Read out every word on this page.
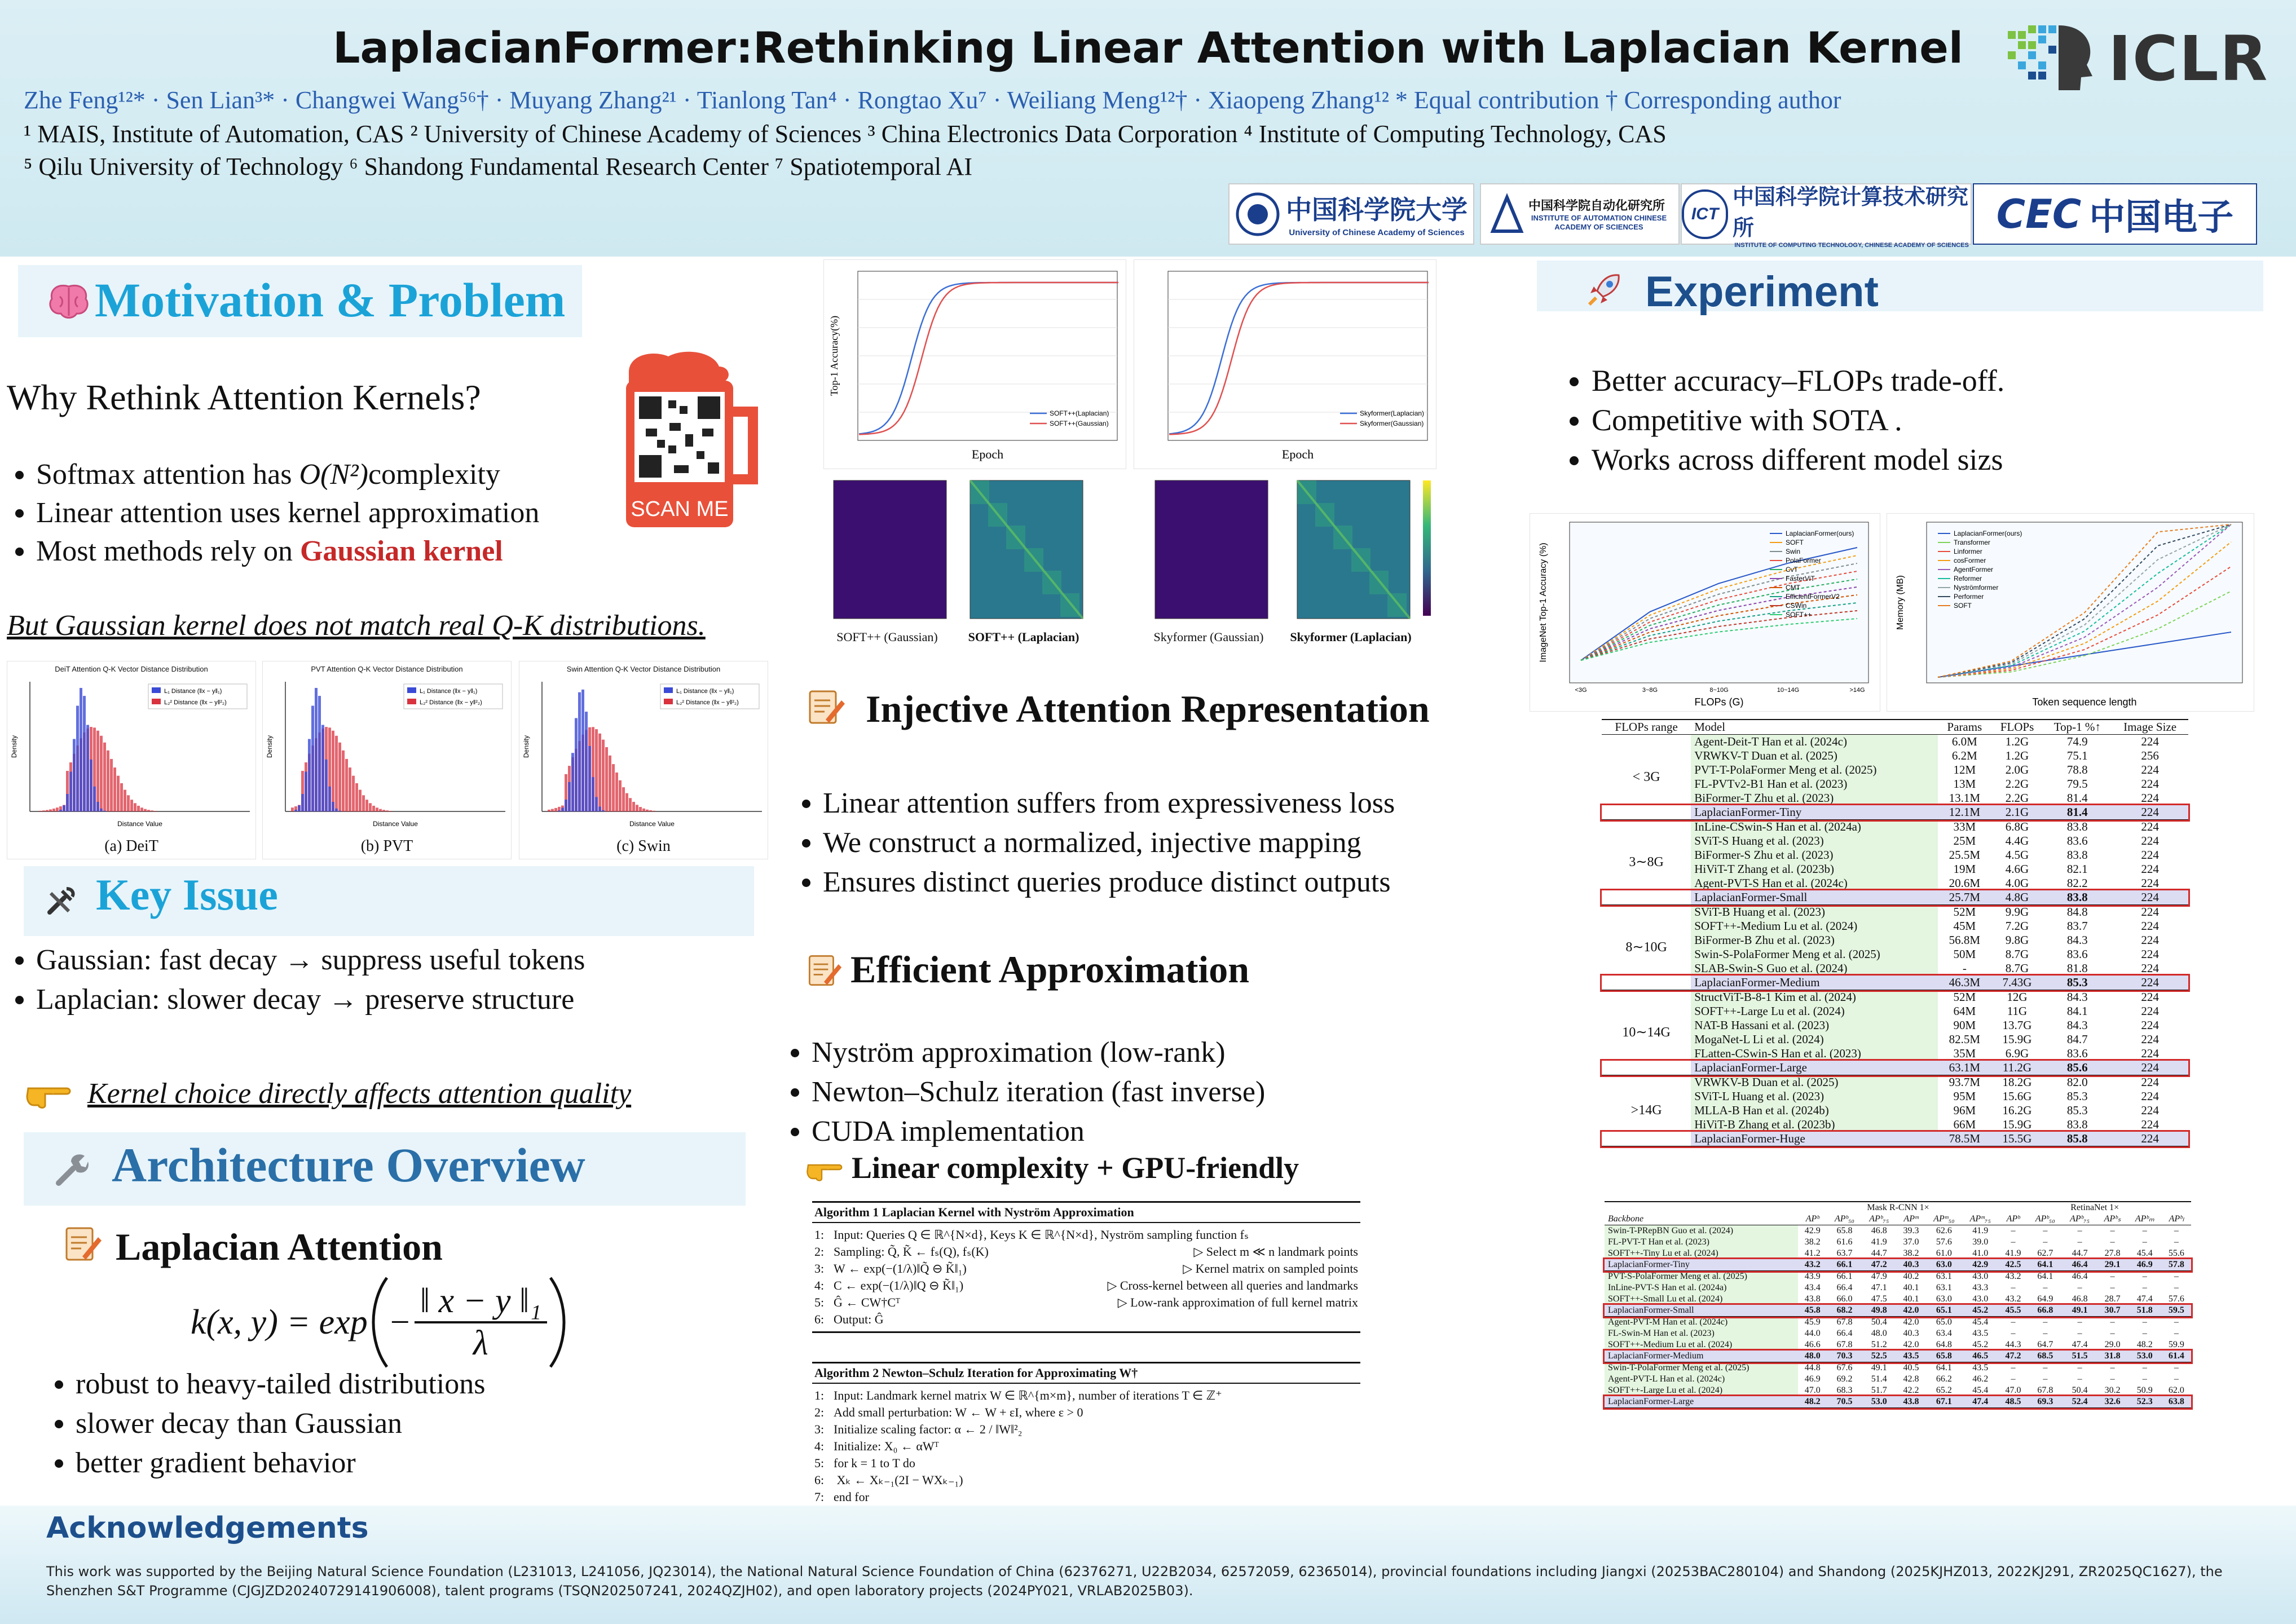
LaplacianFormer:Rethinking Linear Attention with Laplacian Kernel
Zhe Feng¹²* · Sen Lian³* · Changwei Wang⁵⁶† · Muyang Zhang²¹ · Tianlong Tan⁴ · Rongtao Xu⁷ · Weiliang Meng¹²† · Xiaopeng Zhang¹² * Equal contribution † Corresponding author
¹ MAIS, Institute of Automation, CAS ² University of Chinese Academy of Sciences ³ China Electronics Data Corporation ⁴ Institute of Computing Technology, CAS
⁵ Qilu University of Technology ⁶ Shandong Fundamental Research Center ⁷ Spatiotemporal AI
ICLR
中国科学院大学
University of Chinese Academy of Sciences
中国科学院自动化研究所
INSTITUTE OF AUTOMATION CHINESE ACADEMY OF SCIENCES
ICT
中国科学院计算技术研究所
INSTITUTE OF COMPUTING TECHNOLOGY, CHINESE ACADEMY OF SCIENCES
CEC 中国电子
Motivation & Problem
Why Rethink Attention Kernels?
• Softmax attention has O(N²)complexity
• Linear attention uses kernel approximation
• Most methods rely on Gaussian kernel
SCAN ME
But Gaussian kernel does not match real Q-K distributions.
DeiT Attention Q-K Vector Distance Distribution
L₁ Distance (‖x − y‖₁)
L₂² Distance (‖x − y‖²₂)
Distance Value
Density
(a) DeiT
PVT Attention Q-K Vector Distance Distribution
L₁ Distance (‖x − y‖₁)
L₂² Distance (‖x − y‖²₂)
Distance Value
Density
(b) PVT
Swin Attention Q-K Vector Distance Distribution
L₁ Distance (‖x − y‖₁)
L₂² Distance (‖x − y‖²₂)
Distance Value
Density
(c) Swin
Key Issue
• Gaussian: fast decay → suppress useful tokens
• Laplacian: slower decay → preserve structure
Kernel choice directly affects attention quality
Architecture Overview
Laplacian Attention
k(x, $y) = \exp - \frac{\text{‖ x − y ‖₁}}{\lambda}$
• robust to heavy-tailed distributions
• slower decay than Gaussian
• better gradient behavior
SOFT++(Laplacian)
SOFT++(Gaussian)
Epoch
Top-1 Accuracy(%)
Skyformer(Laplacian)
Skyformer(Gaussian)
Epoch
SOFT++ (Gaussian)	SOFT++ (Laplacian)	Skyformer (Gaussian)	Skyformer (Laplacian)
Injective Attention Representation
• Linear attention suffers from expressiveness loss
• We construct a normalized, injective mapping
• Ensures distinct queries produce distinct outputs
Efficient Approximation
• Nyström approximation (low-rank)
• Newton–Schulz iteration (fast inverse)
• CUDA implementation
Linear complexity + GPU-friendly
Algorithm 1 Laplacian Kernel with Nyström Approximation
1: Input: Queries Q ∈ ℝ^{N×d}, Keys K ∈ ℝ^{N×d}, Nyström sampling function fₛ
2: Sampling: Q̃, K̃ ← fₛ(Q), fₛ(K)	▷ Select m ≪ n landmark points
3: W ← exp(−(1/λ)‖Q̃ ⊖ K̃‖₁)	▷ Kernel matrix on sampled points
4: C ← exp(−(1/λ)‖Q ⊖ K̃‖₁)	▷ Cross-kernel between all queries and landmarks
5: Ĝ ← CW†Cᵀ	▷ Low-rank approximation of full kernel matrix
6: Output: Ĝ
Algorithm 2 Newton–Schulz Iteration for Approximating W†
1: Input: Landmark kernel matrix W ∈ ℝ^{m×m}, number of iterations T ∈ ℤ⁺
2: Add small perturbation: W ← W + εI, where ε > 0
3: Initialize scaling factor: α ← 2 / ‖W‖²₂
4: Initialize: X₀ ← αWᵀ
5: for k = 1 to T do
6: Xₖ ← Xₖ₋₁(2I − WXₖ₋₁)
7: end for
Experiment
• Better accuracy–FLOPs trade-off.
• Competitive with SOTA .
• Works across different model sizs
LaplacianFormer(ours)
SOFT
Swin
PolaFormer
CvT
FasterViT
CMT
EfficientFormerV2
CSWin
SOFT++
<3G	3~8G	8~10G	10~14G	>14G
FLOPs (G)
ImageNet Top-1 Accuracy (%)
LaplacianFormer(ours)
Transformer
Linformer
cosFormer
AgentFormer
Reformer
Nyströmformer
Performer
SOFT
Token sequence length
Memory (MB)
FLOPs range	Model	Params	FLOPs	Top-1 %↑	Image Size
< 3G	Agent-Deit-T Han et al. (2024c)	6.0M	1.2G	74.9	224
	VRWKV-T Duan et al. (2025)	6.2M	1.2G	75.1	256
	PVT-T-PolaFormer Meng et al. (2025)	12M	2.0G	78.8	224
	FL-PVTv2-B1 Han et al. (2023)	13M	2.2G	79.5	224
	BiFormer-T Zhu et al. (2023)	13.1M	2.2G	81.4	224
	LaplacianFormer-Tiny	12.1M	2.1G	81.4	224
3∼8G	InLine-CSwin-S Han et al. (2024a)	33M	6.8G	83.8	224
	SViT-S Huang et al. (2023)	25M	4.4G	83.6	224
	BiFormer-S Zhu et al. (2023)	25.5M	4.5G	83.8	224
	HiViT-T Zhang et al. (2023b)	19M	4.6G	82.1	224
	Agent-PVT-S Han et al. (2024c)	20.6M	4.0G	82.2	224
	LaplacianFormer-Small	25.7M	4.8G	83.8	224
8∼10G	SViT-B Huang et al. (2023)	52M	9.9G	84.8	224
	SOFT++-Medium Lu et al. (2024)	45M	7.2G	83.7	224
	BiFormer-B Zhu et al. (2023)	56.8M	9.8G	84.3	224
	Swin-S-PolaFormer Meng et al. (2025)	50M	8.7G	83.6	224
	SLAB-Swin-S Guo et al. (2024)	-	8.7G	81.8	224
	LaplacianFormer-Medium	46.3M	7.43G	85.3	224
10∼14G	StructViT-B-8-1 Kim et al. (2024)	52M	12G	84.3	224
	SOFT++-Large Lu et al. (2024)	64M	11G	84.1	224
	NAT-B Hassani et al. (2023)	90M	13.7G	84.3	224
	MogaNet-L Li et al. (2024)	82.5M	15.9G	84.7	224
	FLatten-CSwin-S Han et al. (2023)	35M	6.9G	83.6	224
	LaplacianFormer-Large	63.1M	11.2G	85.6	224
>14G	VRWKV-B Duan et al. (2025)	93.7M	18.2G	82.0	224
	SViT-L Huang et al. (2023)	95M	15.6G	85.3	224
	MLLA-B Han et al. (2024b)	96M	16.2G	85.3	224
	HiViT-B Zhang et al. (2023b)	66M	15.9G	83.8	224
	LaplacianFormer-Huge	78.5M	15.5G	85.8	224
	Mask R-CNN 1×						RetinaNet 1×					
Backbone	APᵇ	APᵇ₅₀	APᵇ₇₅	APᵐ	APᵐ₅₀	APᵐ₇₅	APᵇ	APᵇ₅₀	APᵇ₇₅	APᵇₛ	APᵇₘ	APᵇₗ
Swin-T-PRepBN Guo et al. (2024)	42.9	65.8	46.8	39.3	62.6	41.9	–	–	–	–	–	–
FL-PVT-T Han et al. (2023)	38.2	61.6	41.9	37.0	57.6	39.0	–	–	–	–	–	–
SOFT++-Tiny Lu et al. (2024)	41.2	63.7	44.7	38.2	61.0	41.0	41.9	62.7	44.7	27.8	45.4	55.6
LaplacianFormer-Tiny	43.2	66.1	47.2	40.3	63.0	42.9	42.5	64.1	46.4	29.1	46.9	57.8
PVT-S-PolaFormer Meng et al. (2025)	43.9	66.1	47.9	40.2	63.1	43.0	43.2	64.1	46.4	–	–	–
InLine-PVT-S Han et al. (2024a)	43.4	66.4	47.1	40.1	63.1	43.3	–	–	–	–	–	–
SOFT++-Small Lu et al. (2024)	43.8	66.0	47.5	40.1	63.0	43.0	43.2	64.9	46.8	28.7	47.4	57.6
LaplacianFormer-Small	45.8	68.2	49.8	42.0	65.1	45.2	45.5	66.8	49.1	30.7	51.8	59.5
Agent-PVT-M Han et al. (2024c)	45.9	67.8	50.4	42.0	65.0	45.4	–	–	–	–	–	–
FL-Swin-M Han et al. (2023)	44.0	66.4	48.0	40.3	63.4	43.5	–	–	–	–	–	–
SOFT++-Medium Lu et al. (2024)	46.6	67.8	51.2	42.0	64.8	45.2	44.3	64.7	47.4	29.0	48.2	59.9
LaplacianFormer-Medium	48.0	70.3	52.5	43.5	65.8	46.5	47.2	68.5	51.5	31.8	53.0	61.4
Swin-T-PolaFormer Meng et al. (2025)	44.8	67.6	49.1	40.5	64.1	43.5	–	–	–	–	–	–
Agent-PVT-L Han et al. (2024c)	46.9	69.2	51.4	42.8	66.2	46.2	–	–	–	–	–	–
SOFT++-Large Lu et al. (2024)	47.0	68.3	51.7	42.2	65.2	45.4	47.0	67.8	50.4	30.2	50.9	62.0
LaplacianFormer-Large	48.2	70.5	53.0	43.8	67.1	47.4	48.5	69.3	52.4	32.6	52.3	63.8
Acknowledgements
This work was supported by the Beijing Natural Science Foundation (L231013, L241056, JQ23014), the National Natural Science Foundation of China (62376271, U22B2034, 62572059, 62365014), provincial foundations including Jiangxi (20253BAC280104) and Shandong (2025KJHZ013, 2022KJ291, ZR2025QC1627), the Shenzhen S&T Programme (CJGJZD20240729141906008), talent programs (TSQN202507241, 2024QZJH02), and open laboratory projects (2024PY021, VRLAB2025B03).
